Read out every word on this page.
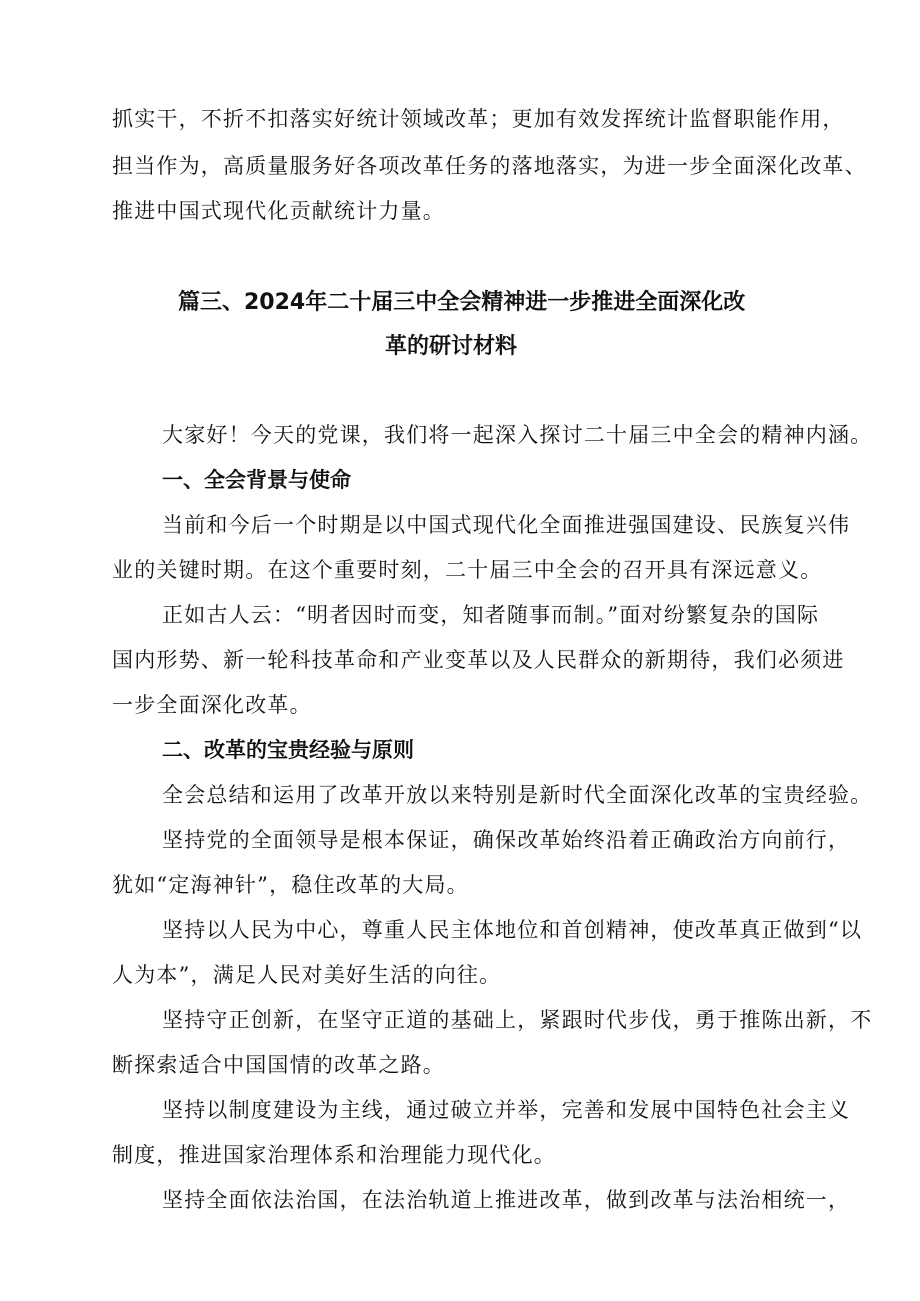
抓实干，不折不扣落实好统计领域改革；更加有效发挥统计监督职能作用，
担当作为，高质量服务好各项改革任务的落地落实，为进一步全面深化改革、
推进中国式现代化贡献统计力量。
篇三、2024年二十届三中全会精神进一步推进全面深化改
革的研讨材料
大家好！今天的党课，我们将一起深入探讨二十届三中全会的精神内涵。
一、全会背景与使命
当前和今后一个时期是以中国式现代化全面推进强国建设、民族复兴伟
业的关键时期。在这个重要时刻，二十届三中全会的召开具有深远意义。
正如古人云：“明者因时而变，知者随事而制。”面对纷繁复杂的国际
国内形势、新一轮科技革命和产业变革以及人民群众的新期待，我们必须进
一步全面深化改革。
二、改革的宝贵经验与原则
全会总结和运用了改革开放以来特别是新时代全面深化改革的宝贵经验。
坚持党的全面领导是根本保证，确保改革始终沿着正确政治方向前行，
犹如“定海神针”，稳住改革的大局。
坚持以人民为中心，尊重人民主体地位和首创精神，使改革真正做到“以
人为本”，满足人民对美好生活的向往。
坚持守正创新，在坚守正道的基础上，紧跟时代步伐，勇于推陈出新，不
断探索适合中国国情的改革之路。
坚持以制度建设为主线，通过破立并举，完善和发展中国特色社会主义
制度，推进国家治理体系和治理能力现代化。
坚持全面依法治国，在法治轨道上推进改革，做到改革与法治相统一，
